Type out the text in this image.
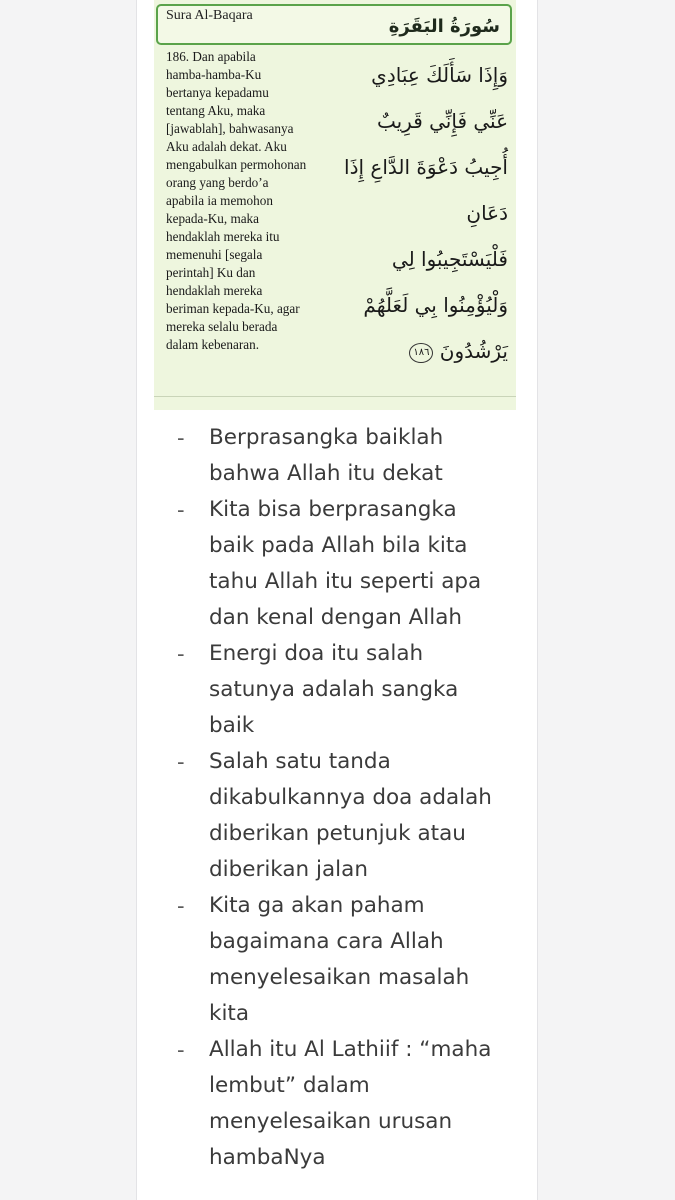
Sura Al-Baqara
سُورَةُ البَقَرَةِ
186. Dan apabila
hamba-hamba-Ku
bertanya kepadamu
tentang Aku, maka
[jawablah], bahwasanya
Aku adalah dekat. Aku
mengabulkan permohonan
orang yang berdo’a
apabila ia memohon
kepada-Ku, maka
hendaklah mereka itu
memenuhi [segala
perintah] Ku dan
hendaklah mereka
beriman kepada-Ku, agar
mereka selalu berada
dalam kebenaran.
وَإِذَا سَأَلَكَ عِبَادِي
عَنِّي فَإِنِّي قَرِيبٌ
أُجِيبُ دَعْوَةَ الدَّاعِ إِذَا
دَعَانِ
فَلْيَسْتَجِيبُوا لِي
وَلْيُؤْمِنُوا بِي لَعَلَّهُمْ
يَرْشُدُونَ ١٨٦
- Berprasangka baiklah
bahwa Allah itu dekat
- Kita bisa berprasangka
baik pada Allah bila kita
tahu Allah itu seperti apa
dan kenal dengan Allah
- Energi doa itu salah
satunya adalah sangka
baik
- Salah satu tanda
dikabulkannya doa adalah
diberikan petunjuk atau
diberikan jalan
- Kita ga akan paham
bagaimana cara Allah
menyelesaikan masalah
kita
- Allah itu Al Lathiif : “maha
lembut” dalam
menyelesaikan urusan
hambaNya
